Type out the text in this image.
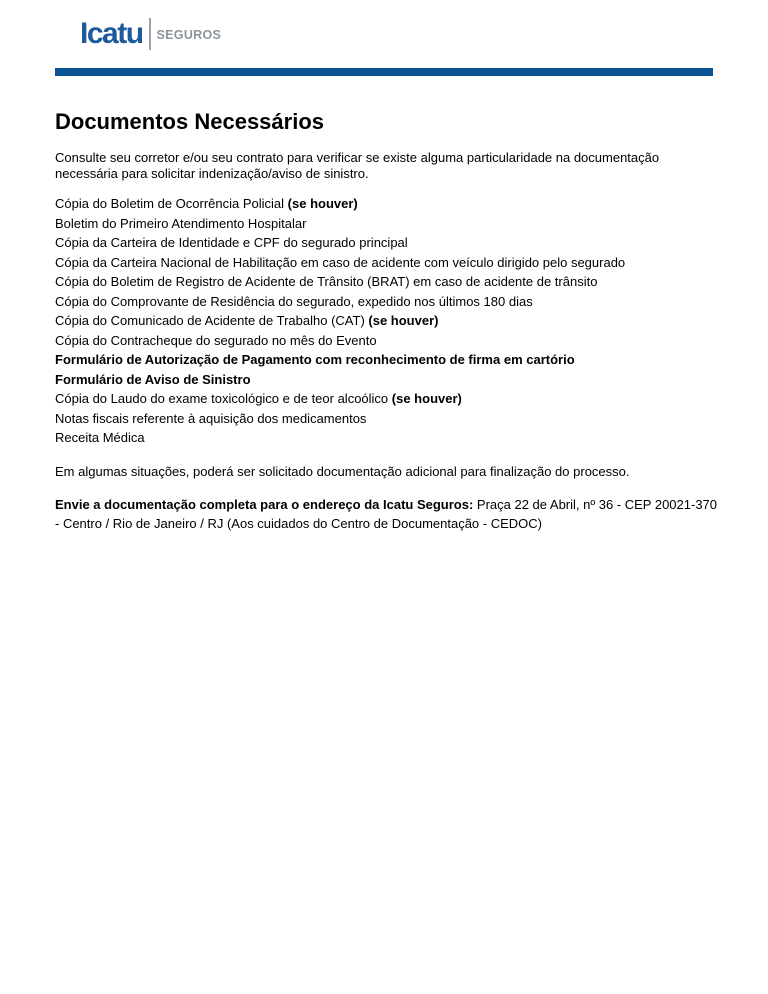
Icatu SEGUROS
Documentos Necessários

Consulte seu corretor e/ou seu contrato para verificar se existe alguma particularidade na documentação necessária para solicitar indenização/aviso de sinistro.

Cópia do Boletim de Ocorrência Policial (se houver)
Boletim do Primeiro Atendimento Hospitalar
Cópia da Carteira de Identidade e CPF do segurado principal
Cópia da Carteira Nacional de Habilitação em caso de acidente com veículo dirigido pelo segurado
Cópia do Boletim de Registro de Acidente de Trânsito (BRAT) em caso de acidente de trânsito
Cópia do Comprovante de Residência do segurado, expedido nos últimos 180 dias
Cópia do Comunicado de Acidente de Trabalho (CAT) (se houver)
Cópia do Contracheque do segurado no mês do Evento
Formulário de Autorização de Pagamento com reconhecimento de firma em cartório
Formulário de Aviso de Sinistro
Cópia do Laudo do exame toxicológico e de teor alcoólico (se houver)
Notas fiscais referente à aquisição dos medicamentos
Receita Médica

Em algumas situações, poderá ser solicitado documentação adicional para finalização do processo.

Envie a documentação completa para o endereço da Icatu Seguros: Praça 22 de Abril, nº 36 - CEP 20021-370 - Centro / Rio de Janeiro / RJ (Aos cuidados do Centro de Documentação - CEDOC)
